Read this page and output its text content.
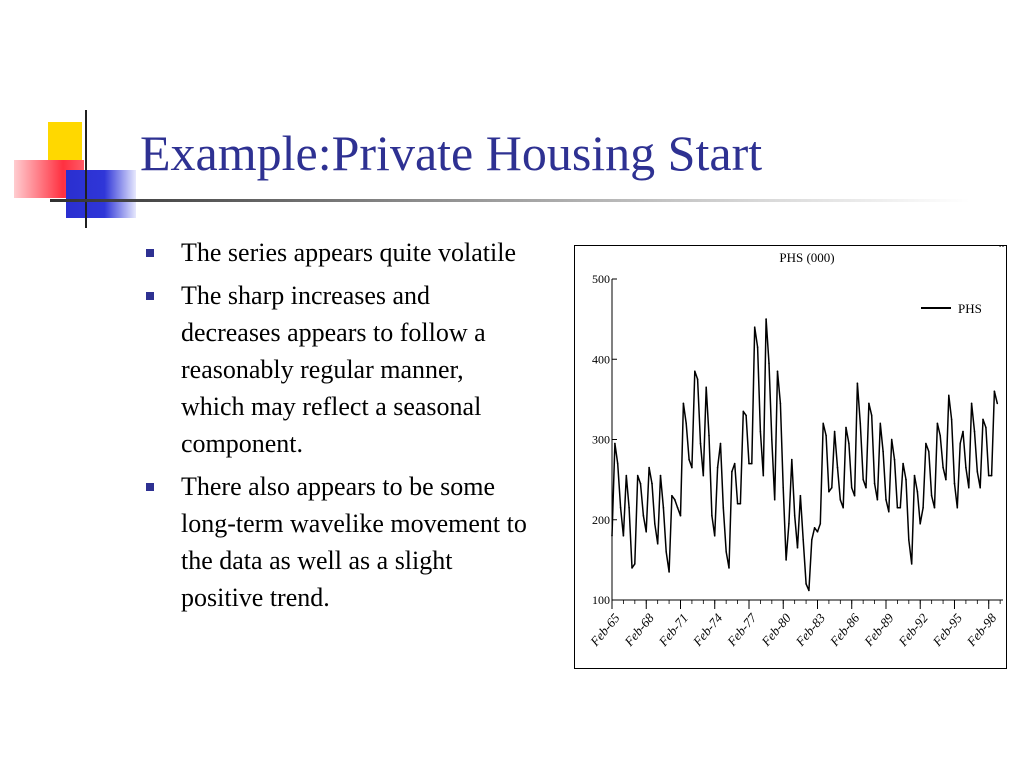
Example:Private Housing Start
The series appears quite volatile
The sharp increases and decreases appears to follow a reasonably regular manner, which may reflect a seasonal component.
There also appears to be some long-term wavelike movement to the data as well as a slight positive trend.
PHS (000)
100
200
300
400
500
Feb-65
Feb-68
Feb-71
Feb-74
Feb-77
Feb-80
Feb-83
Feb-86
Feb-89
Feb-92
Feb-95
Feb-98
PHS
